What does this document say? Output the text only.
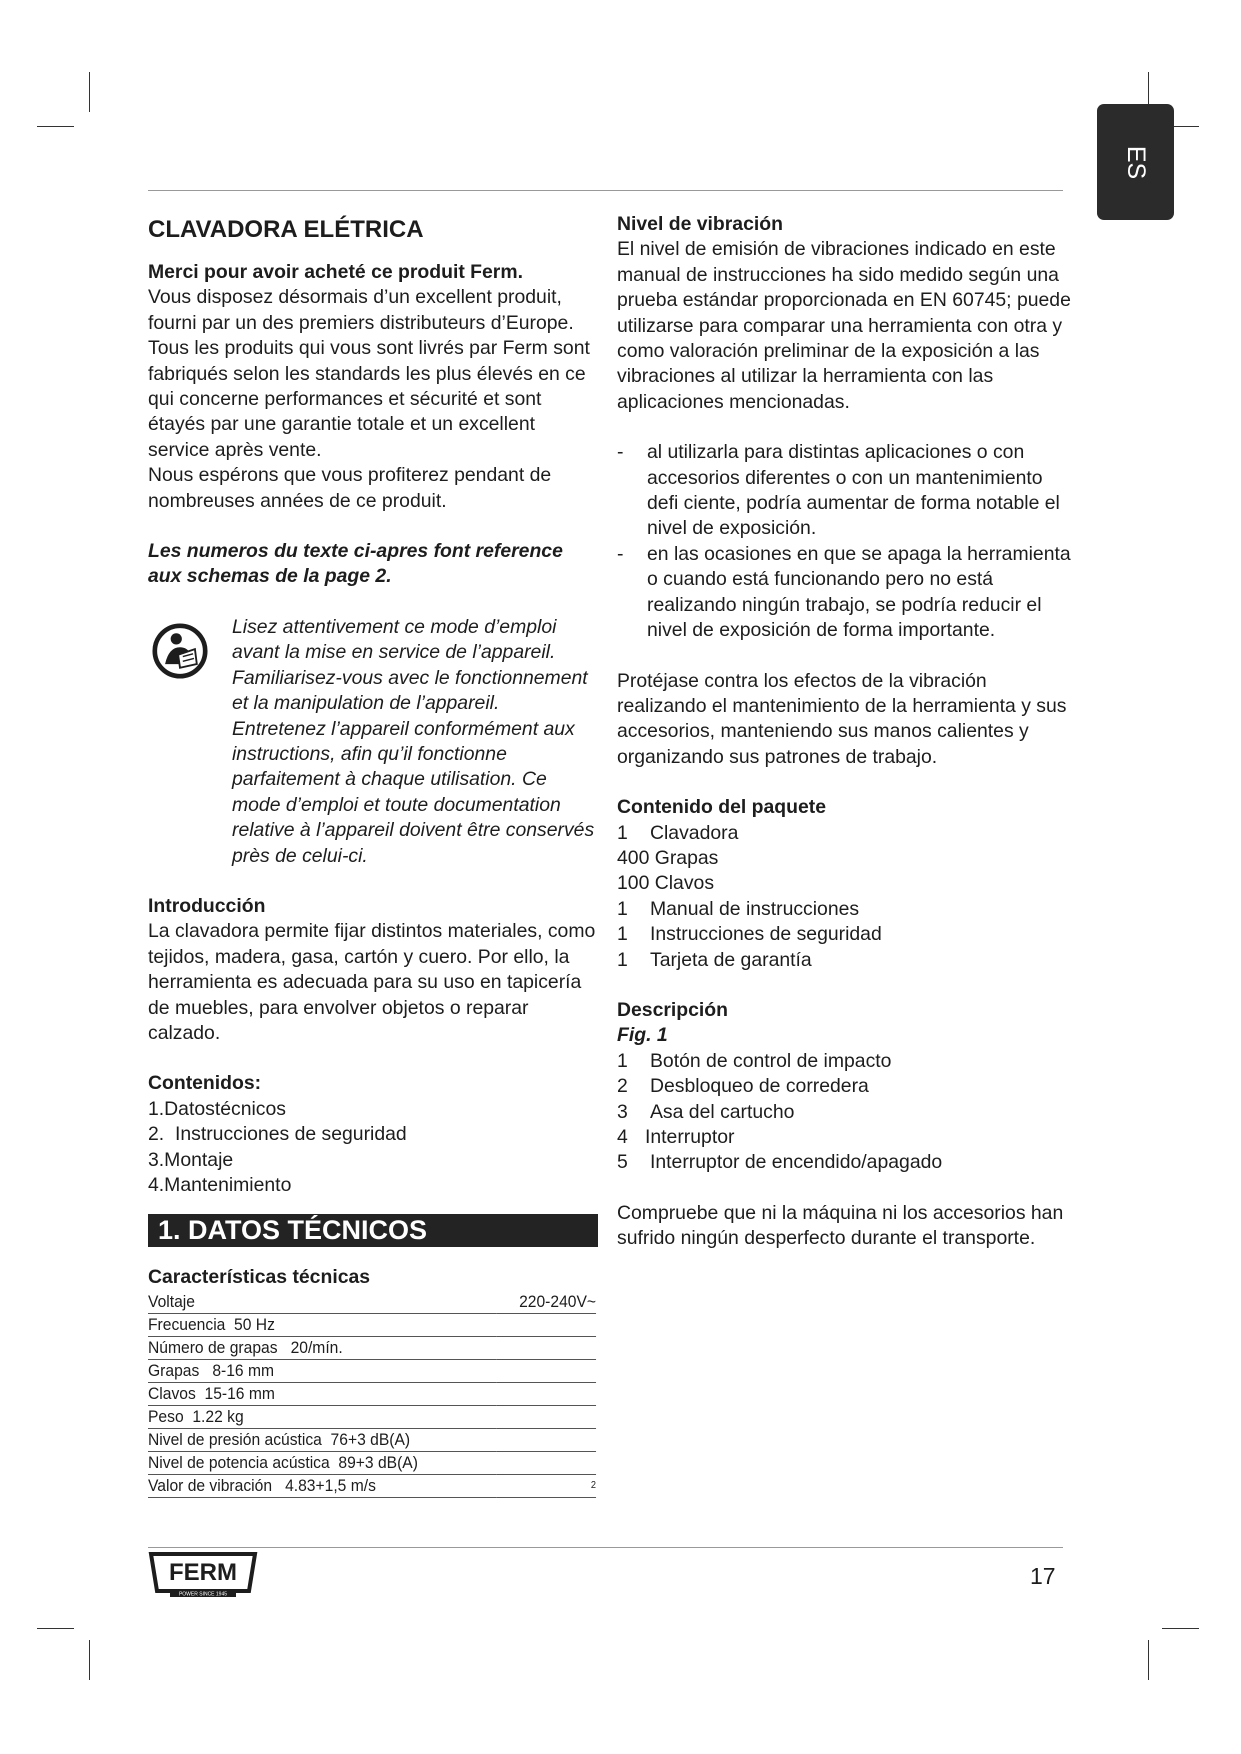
ES
CLAVADORA ELÉTRICA

Merci pour avoir acheté ce produit Ferm.

Vous disposez désormais d’un excellent produit, fourni par un des premiers distributeurs d’Europe. Tous les produits qui vous sont livrés par Ferm sont fabriqués selon les standards les plus élevés en ce qui concerne performances et sécurité et sont étayés par une garantie totale et un excellent service après vente.

Nous espérons que vous profiterez pendant de nombreuses années de ce produit.

Les numeros du texte ci-apres font reference aux schemas de la page 2.

Lisez attentivement ce mode d’emploi avant la mise en service de l’appareil. Familiarisez-vous avec le fonctionnement et la manipulation de l’appareil. Entretenez l’appareil conformément aux instructions, afin qu’il fonctionne parfaitement à chaque utilisation. Ce mode d’emploi et toute documentation relative à l’appareil doivent être conservés près de celui-ci.

Introducción

La clavadora permite fijar distintos materiales, como tejidos, madera, gasa, cartón y cuero. Por ello, la herramienta es adecuada para su uso en tapicería de muebles, para envolver objetos o reparar calzado.

Contenidos:

1.Datostécnicos

2.  Instrucciones de seguridad

3.Montaje

4.Mantenimiento

1. DATOS TÉCNICOS

Características técnicas

Voltaje	220-240V~
Frecuencia  50 Hz	
Número de grapas   20/mín.	
Grapas   8-16 mm	
Clavos  15-16 mm	
Peso  1.22 kg	
Nivel de presión acústica  76+3 dB(A)	
Nivel de potencia acústica  89+3 dB(A)	
Valor de vibración   4.83+1,5 m/s	2

Nivel de vibración

El nivel de emisión de vibraciones indicado en este manual de instrucciones ha sido medido según una prueba estándar proporcionada en EN 60745; puede utilizarse para comparar una herramienta con otra y como valoración preliminar de la exposición a las vibraciones al utilizar la herramienta con las aplicaciones mencionadas.

- al utilizarla para distintas aplicaciones o con accesorios diferentes o con un mantenimiento defi ciente, podría aumentar de forma notable el nivel de exposición.
- en las ocasiones en que se apaga la herramienta o cuando está funcionando pero no está realizando ningún trabajo, se podría reducir el nivel de exposición de forma importante.

Protéjase contra los efectos de la vibración realizando el mantenimiento de la herramienta y sus accesorios, manteniendo sus manos calientes y organizando sus patrones de trabajo.

Contenido del paquete

1	Clavadora
400 Grapas
100 Clavos
1	Manual de instrucciones
1	Instrucciones de seguridad
1	Tarjeta de garantía

Descripción

Fig. 1

1	Botón de control de impacto
2	Desbloqueo de corredera
3	Asa del cartucho
4 Interruptor
5	Interruptor de encendido/apagado

Compruebe que ni la máquina ni los accesorios han sufrido ningún desperfecto durante el transporte.

FERM
POWER SINCE 1945
17
